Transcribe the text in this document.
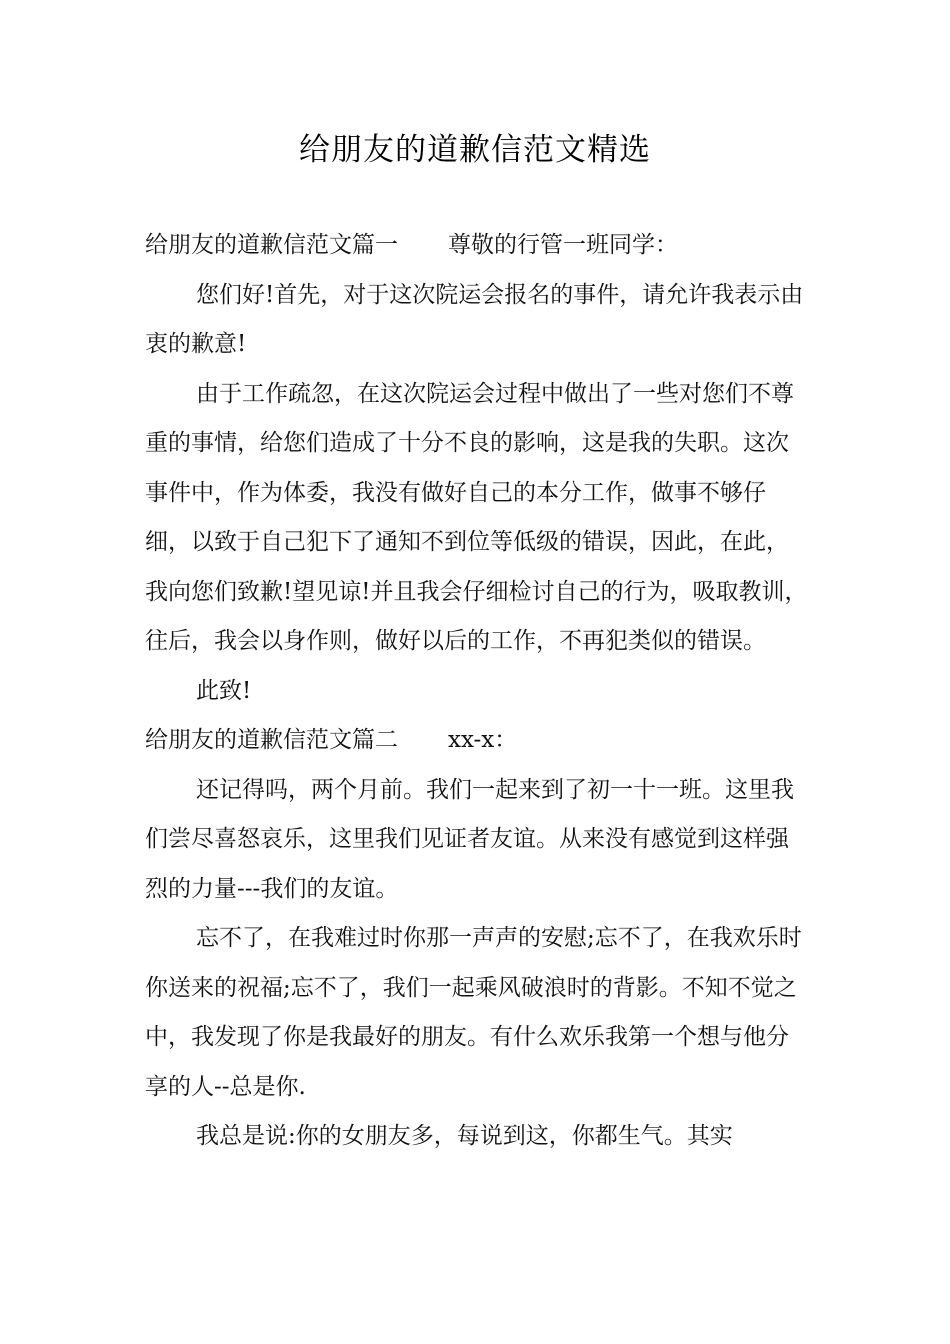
给朋友的道歉信范文精选
给朋友的道歉信范文篇一 尊敬的行管一班同学：

您们好!首先，对于这次院运会报名的事件，请允许我表示由衷的歉意!

由于工作疏忽，在这次院运会过程中做出了一些对您们不尊重的事情，给您们造成了十分不良的影响，这是我的失职。这次事件中，作为体委，我没有做好自己的本分工作，做事不够仔细，以致于自己犯下了通知不到位等低级的错误，因此，在此，我向您们致歉!望见谅!并且我会仔细检讨自己的行为，吸取教训，往后，我会以身作则，做好以后的工作，不再犯类似的错误。

此致!

给朋友的道歉信范文篇二 xx-x：

还记得吗，两个月前。我们一起来到了初一十一班。这里我们尝尽喜怒哀乐，这里我们见证者友谊。从来没有感觉到这样强烈的力量---我们的友谊。

忘不了，在我难过时你那一声声的安慰;忘不了，在我欢乐时你送来的祝福;忘不了，我们一起乘风破浪时的背影。不知不觉之中，我发现了你是我最好的朋友。有什么欢乐我第一个想与他分享的人--总是你.

我总是说:你的女朋友多，每说到这，你都生气。其实
